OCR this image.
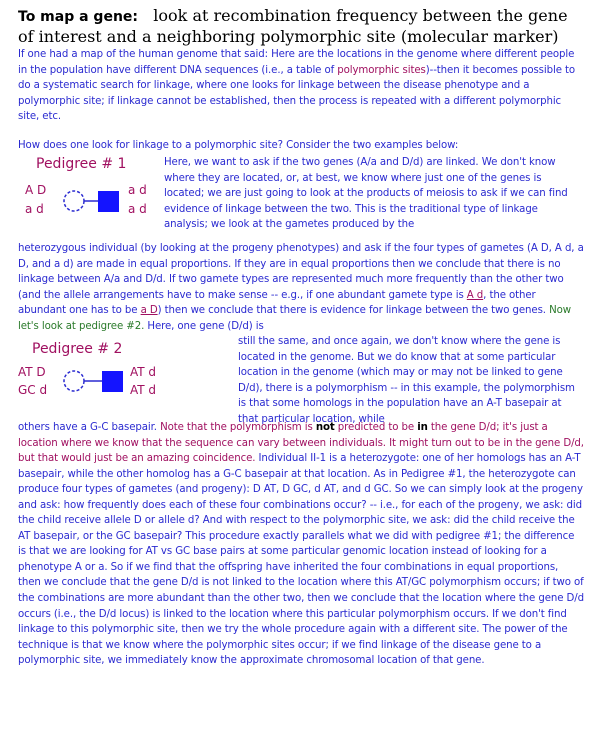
To map a gene: look at recombination frequency between the gene of interest and a neighboring polymorphic site (molecular marker)
If one had a map of the human genome that said: Here are the locations in the genome where different people in the population have different DNA sequences (i.e., a table of polymorphic sites)--then it becomes possible to do a systematic search for linkage, where one looks for linkage between the disease phenotype and a polymorphic site; if linkage cannot be established, then the process is repeated with a different polymorphic site, etc.
How does one look for linkage to a polymorphic site? Consider the two examples below:
Pedigree # 1
A D
a d
a d
a d
Pedigree # 2
AT D
GC d
AT d
AT d
Here, we want to ask if the two genes (A/a and D/d) are linked. We don't know where they are located, or, at best, we know where just one of the genes is located; we are just going to look at the products of meiosis to ask if we can find evidence of linkage between the two. This is the traditional type of linkage analysis; we look at the gametes produced by the
heterozygous individual (by looking at the progeny phenotypes) and ask if the four types of gametes (A D, A d, a D, and a d) are made in equal proportions. If they are in equal proportions then we conclude that there is no linkage between A/a and D/d. If two gamete types are represented much more frequently than the other two (and the allele arrangements have to make sense -- e.g., if one abundant gamete type is A d, the other abundant one has to be a D) then we conclude that there is evidence for linkage between the two genes. Now let's look at pedigree #2. Here, one gene (D/d) is
still the same, and once again, we don't know where the gene is located in the genome. But we do know that at some particular location in the genome (which may or may not be linked to gene D/d), there is a polymorphism -- in this example, the polymorphism is that some homologs in the population have an A-T basepair at that particular location, while
others have a G-C basepair. Note that the polymorphism is not predicted to be in the gene D/d; it's just a location where we know that the sequence can vary between individuals. It might turn out to be in the gene D/d, but that would just be an amazing coincidence. Individual II-1 is a heterozygote: one of her homologs has an A-T basepair, while the other homolog has a G-C basepair at that location. As in Pedigree #1, the heterozygote can produce four types of gametes (and progeny): D AT, D GC, d AT, and d GC. So we can simply look at the progeny and ask: how frequently does each of these four combinations occur? -- i.e., for each of the progeny, we ask: did the child receive allele D or allele d? And with respect to the polymorphic site, we ask: did the child receive the AT basepair, or the GC basepair? This procedure exactly parallels what we did with pedigree #1; the difference is that we are looking for AT vs GC base pairs at some particular genomic location instead of looking for a phenotype A or a. So if we find that the offspring have inherited the four combinations in equal proportions, then we conclude that the gene D/d is not linked to the location where this AT/GC polymorphism occurs; if two of the combinations are more abundant than the other two, then we conclude that the location where the gene D/d occurs (i.e., the D/d locus) is linked to the location where this particular polymorphism occurs. If we don't find linkage to this polymorphic site, then we try the whole procedure again with a different site. The power of the technique is that we know where the polymorphic sites occur; if we find linkage of the disease gene to a polymorphic site, we immediately know the approximate chromosomal location of that gene.
